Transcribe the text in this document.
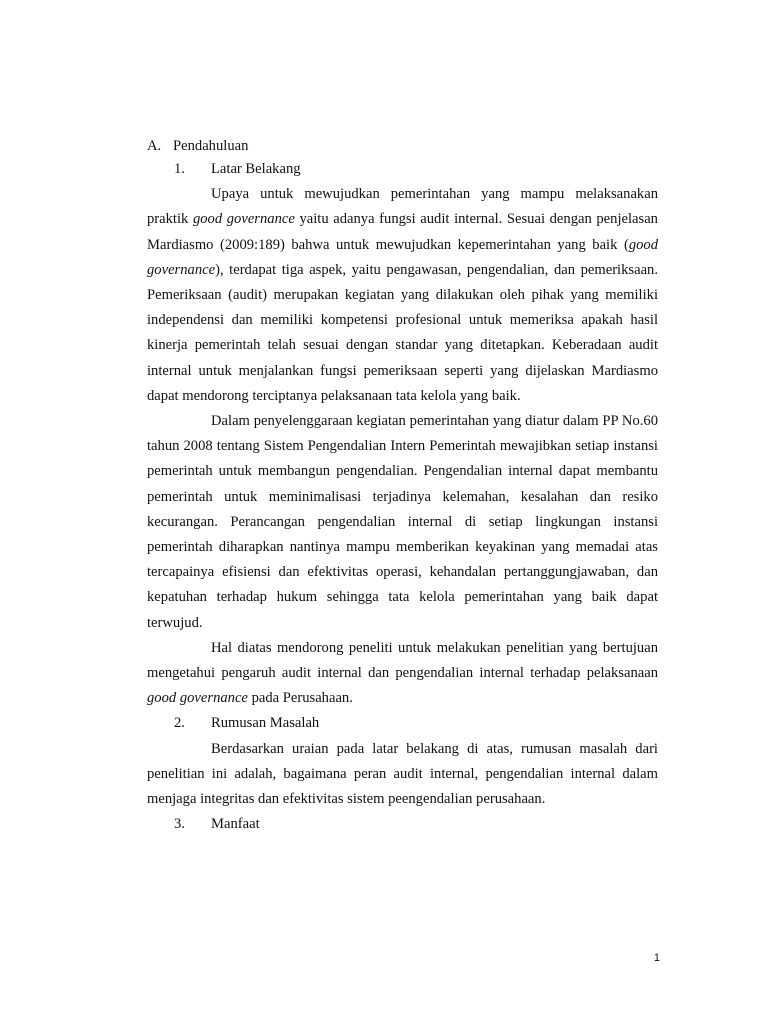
A. Pendahuluan
1.	Latar Belakang

Upaya untuk mewujudkan pemerintahan yang mampu melaksanakan praktik good governance yaitu adanya fungsi audit internal. Sesuai dengan penjelasan Mardiasmo (2009:189) bahwa untuk mewujudkan kepemerintahan yang baik (good governance), terdapat tiga aspek, yaitu pengawasan, pengendalian, dan pemeriksaan. Pemeriksaan (audit) merupakan kegiatan yang dilakukan oleh pihak yang memiliki independensi dan memiliki kompetensi profesional untuk memeriksa apakah hasil kinerja pemerintah telah sesuai dengan standar yang ditetapkan. Keberadaan audit internal untuk menjalankan fungsi pemeriksaan seperti yang dijelaskan Mardiasmo dapat mendorong terciptanya pelaksanaan tata kelola yang baik.

Dalam penyelenggaraan kegiatan pemerintahan yang diatur dalam PP No.60 tahun 2008 tentang Sistem Pengendalian Intern Pemerintah mewajibkan setiap instansi pemerintah untuk membangun pengendalian. Pengendalian internal dapat membantu pemerintah untuk meminimalisasi terjadinya kelemahan, kesalahan dan resiko kecurangan. Perancangan pengendalian internal di setiap lingkungan instansi pemerintah diharapkan nantinya mampu memberikan keyakinan yang memadai atas tercapainya efisiensi dan efektivitas operasi, kehandalan pertanggungjawaban, dan kepatuhan terhadap hukum sehingga tata kelola pemerintahan yang baik dapat terwujud.

Hal diatas mendorong peneliti untuk melakukan penelitian yang bertujuan mengetahui pengaruh audit internal dan pengendalian internal terhadap pelaksanaan good governance pada Perusahaan.

2.	Rumusan Masalah

Berdasarkan uraian pada latar belakang di atas, rumusan masalah dari penelitian ini adalah, bagaimana peran audit internal, pengendalian internal dalam menjaga integritas dan efektivitas sistem peengendalian perusahaan.

3.	Manfaat
1
